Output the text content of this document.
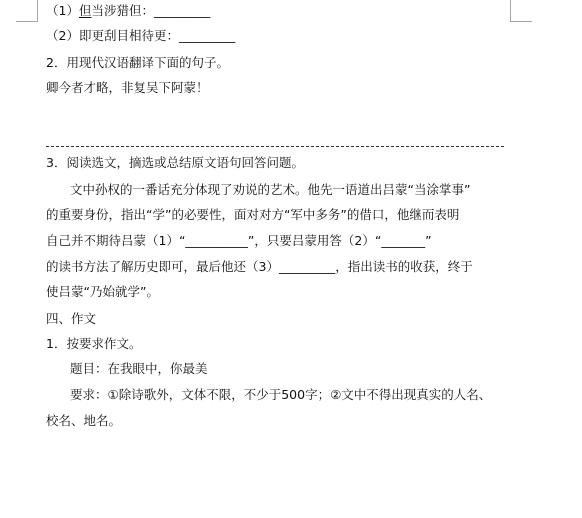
（1）但当涉猎但：_________
（2）即更刮目相待更：_________
2．用现代汉语翻译下面的句子。
卿今者才略，非复吴下阿蒙！
3．阅读选文，摘选或总结原文语句回答问题。
文中孙权的一番话充分体现了劝说的艺术。他先一语道出吕蒙“当涂掌事”
的重要身份，指出“学”的必要性，面对对方“军中多务”的借口，他继而表明
自己并不期待吕蒙（1）“__________”，只要吕蒙用答（2）“_______”
的读书方法了解历史即可，最后他还（3）_________，指出读书的收获，终于
使吕蒙“乃始就学”。
四、作文
1．按要求作文。
题目：在我眼中，你最美
要求：①除诗歌外，文体不限，不少于500字；②文中不得出现真实的人名、
校名、地名。
